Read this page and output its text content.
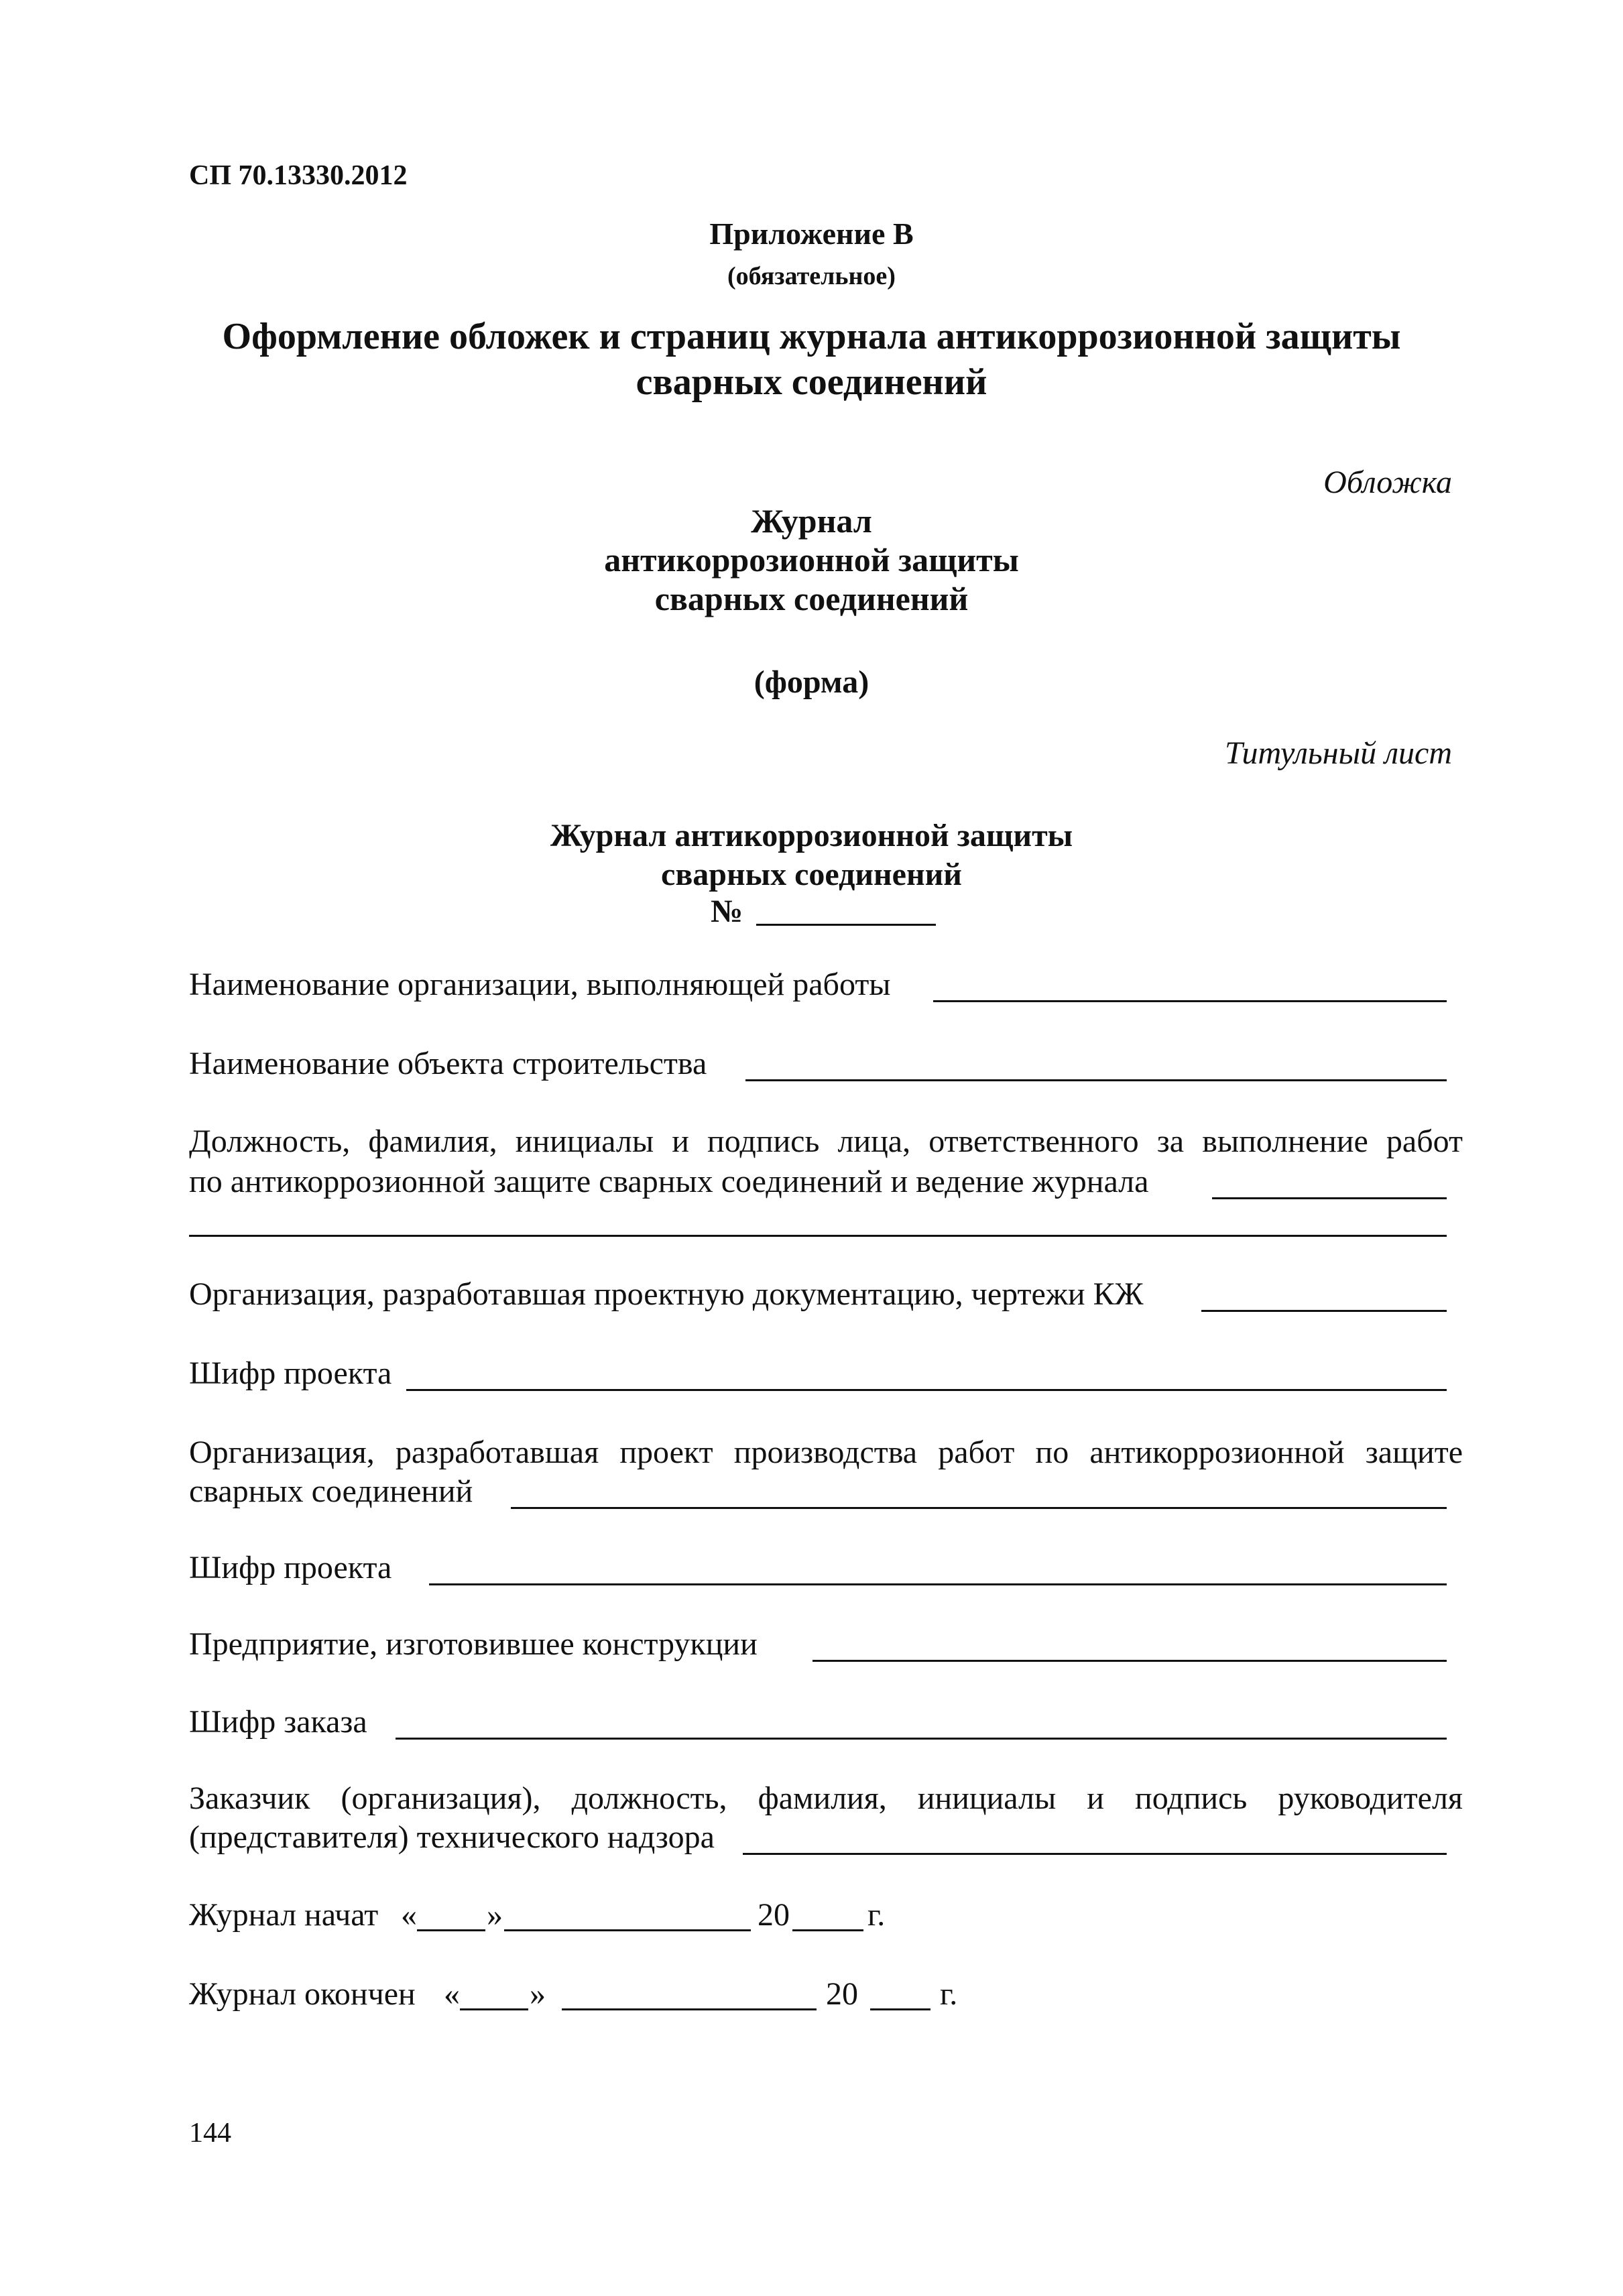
СП 70.13330.2012
Приложение В
(обязательное)
Оформление обложек и страниц журнала антикоррозионной защиты
сварных соединений
Обложка
Журнал
антикоррозионной защиты
сварных соединений
(форма)
Титульный лист
Журнал антикоррозионной защиты
сварных соединений
№
Наименование организации, выполняющей работы
Наименование объекта строительства
Должность, фамилия, инициалы и подпись лица, ответственного за выполнение работ
по антикоррозионной защите сварных соединений и ведение журнала
Организация, разработавшая проектную документацию, чертежи КЖ
Шифр проекта
Организация, разработавшая проект производства работ по антикоррозионной защите
сварных соединений
Шифр проекта
Предприятие, изготовившее конструкции
Шифр заказа
Заказчик (организация), должность, фамилия, инициалы и подпись руководителя
(представителя) технического надзора
Журнал начат « »	20 г.
Журнал окончен « »	20	г.
144
